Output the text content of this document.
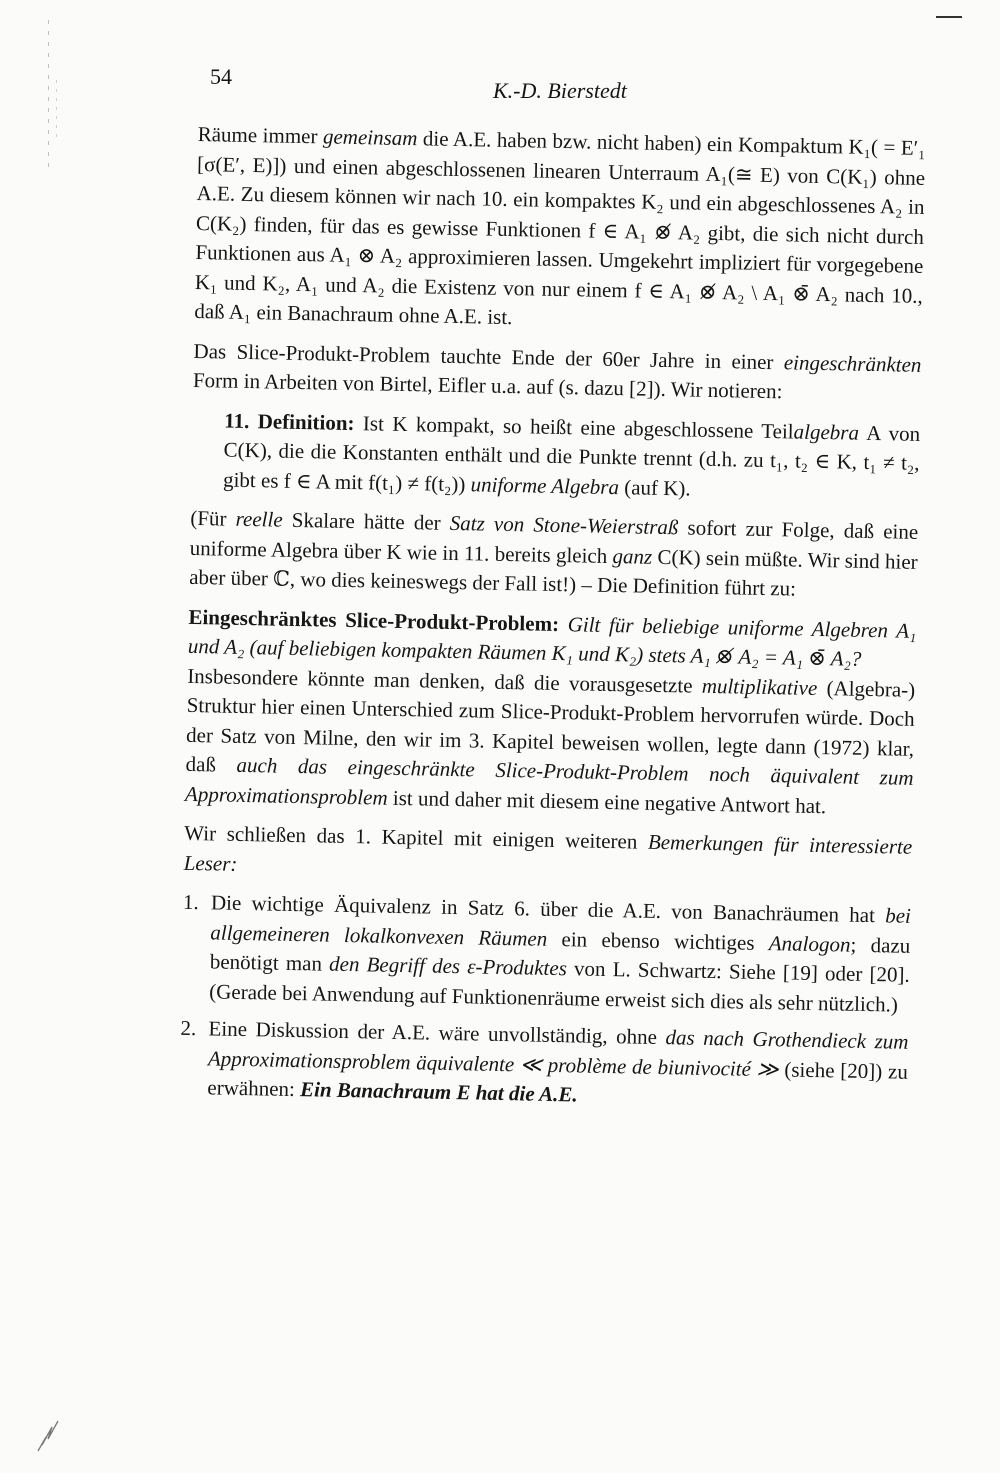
54
K.-D. Bierstedt

Räume immer gemeinsam die A.E. haben bzw. nicht haben) ein Kompaktum K₁( = E′₁ [σ(E′, E)]) und einen abgeschlossenen linearen Unterraum A₁(≅ E) von C(K₁) ohne A.E. Zu diesem können wir nach 10. ein kompaktes K₂ und ein abgeschlossenes A₂ in C(K₂) finden, für das es gewisse Funktionen f ∈ A₁ ⊗̸ A₂ gibt, die sich nicht durch Funktionen aus A₁ ⊗ A₂ approximieren lassen. Umgekehrt impliziert für vorgegebene K₁ und K₂, A₁ und A₂ die Existenz von nur einem f ∈ A₁ ⊗̸ A₂ \ A₁ ⊗̄ A₂ nach 10., daß A₁ ein Banachraum ohne A.E. ist.

Das Slice-Produkt-Problem tauchte Ende der 60er Jahre in einer eingeschränkten Form in Arbeiten von Birtel, Eifler u.a. auf (s. dazu [2]). Wir notieren:

11. Definition: Ist K kompakt, so heißt eine abgeschlossene Teilalgebra A von C(K), die die Konstanten enthält und die Punkte trennt (d.h. zu t₁, t₂ ∈ K, t₁ ≠ t₂, gibt es f ∈ A mit f(t₁) ≠ f(t₂)) uniforme Algebra (auf K).

(Für reelle Skalare hätte der Satz von Stone-Weierstraß sofort zur Folge, daß eine uniforme Algebra über K wie in 11. bereits gleich ganz C(K) sein müßte. Wir sind hier aber über ℂ, wo dies keineswegs der Fall ist!) – Die Definition führt zu:

Eingeschränktes Slice-Produkt-Problem: Gilt für beliebige uniforme Algebren A₁ und A₂ (auf beliebigen kompakten Räumen K₁ und K₂) stets A₁ ⊗̸ A₂ = A₁ ⊗̄ A₂?

Insbesondere könnte man denken, daß die vorausgesetzte multiplikative (Algebra-) Struktur hier einen Unterschied zum Slice-Produkt-Problem hervorrufen würde. Doch der Satz von Milne, den wir im 3. Kapitel beweisen wollen, legte dann (1972) klar, daß auch das eingeschränkte Slice-Produkt-Problem noch äquivalent zum Approximationsproblem ist und daher mit diesem eine negative Antwort hat.

Wir schließen das 1. Kapitel mit einigen weiteren Bemerkungen für interessierte Leser:

1. Die wichtige Äquivalenz in Satz 6. über die A.E. von Banachräumen hat bei allgemeineren lokalkonvexen Räumen ein ebenso wichtiges Analogon; dazu benötigt man den Begriff des ε-Produktes von L. Schwartz: Siehe [19] oder [20]. (Gerade bei Anwendung auf Funktionenräume erweist sich dies als sehr nützlich.)
2. Eine Diskussion der A.E. wäre unvollständig, ohne das nach Grothendieck zum Approximationsproblem äquivalente ≪ problème de biunivocité ≫ (siehe [20]) zu erwähnen: Ein Banachraum E hat die A.E.
